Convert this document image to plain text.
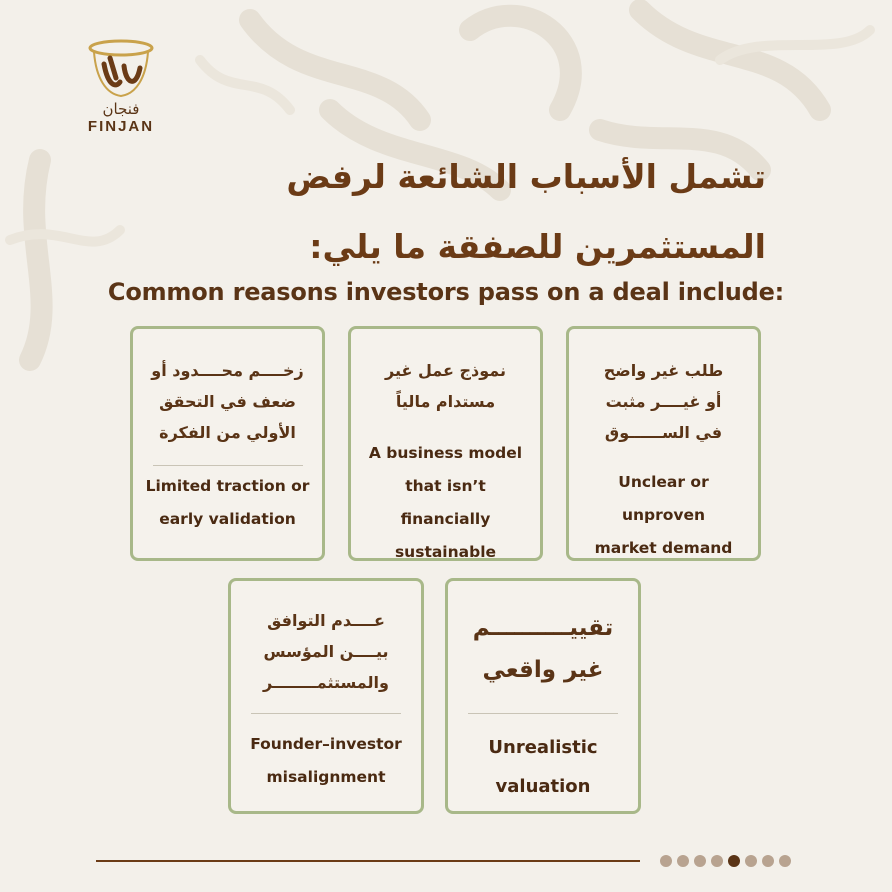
فنجان
FINJAN
تشمل الأسباب الشائعة لرفض
المستثمرين للصفقة ما يلي:
Common reasons investors pass on a deal include:
طلب غير واضح
أو غيــــر مثبت
في الســــــوق
Unclear or unproven
market demand
نموذج عمل غير
مستدام مالياً
A business model
that isn’t financially
sustainable
زخــــم محــــدود أو
ضعف في التحقق
الأولي من الفكرة
Limited traction or
early validation
تقييــــــــــم
غير واقعي
Unrealistic
valuation
عــــدم التوافق
بيــــن المؤسس
والمستثمــــــــر
Founder–investor
misalignment
